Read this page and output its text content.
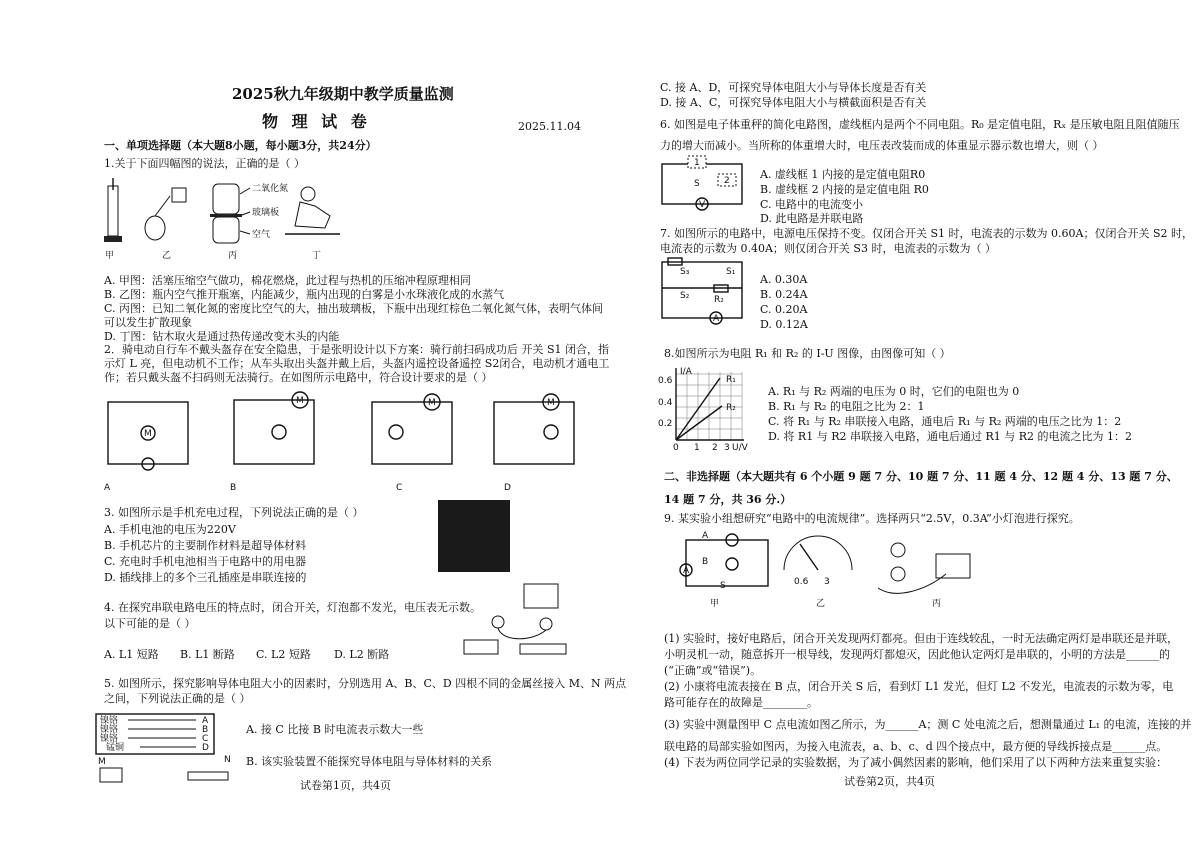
2025秋九年级期中教学质量监测
物 理 试 卷	2025.11.04
一、单项选择题（本大题8小题，每小题3分，共24分）
1.关于下面四幅图的说法，正确的是（ ）
二氧化氮
玻璃板
空气
甲	乙	丙	丁
A. 甲图：活塞压缩空气做功，棉花燃烧，此过程与热机的压缩冲程原理相同
B. 乙图：瓶内空气推开瓶塞，内能减少，瓶内出现的白雾是小水珠液化成的水蒸气
C. 丙图：已知二氧化氮的密度比空气的大，抽出玻璃板，下瓶中出现红棕色二氧化氮气体，表明气体间
可以发生扩散现象
D. 丁图：钻木取火是通过热传递改变木头的内能
2．骑电动自行车不戴头盔存在安全隐患，于是张明设计以下方案：骑行前扫码成功后 开关 S1 闭合，指
示灯 L 亮，但电动机不工作；从车头取出头盔并戴上后，头盔内遥控设备遥控 S2闭合，电动机才通电工
作；若只戴头盔不扫码则无法骑行。在如图所示电路中，符合设计要求的是（ ）
M
M	M	M
A	B	C	D
3. 如图所示是手机充电过程，下列说法正确的是（ ）
A. 手机电池的电压为220V
B. 手机芯片的主要制作材料是超导体材料
C. 充电时手机电池相当于电路中的用电器
D. 插线排上的多个三孔插座是串联连接的
4. 在探究串联电路电压的特点时，闭合开关，灯泡都不发光，电压表无示数。
以下可能的是（ ）
A. L1 短路 B. L1 断路 C. L2 短路 D. L2 断路
5. 如图所示，探究影响导体电阻大小的因素时，分别选用 A、B、C、D 四根不同的金属丝接入 M、N 两点
之间，下列说法正确的是（ ）
镍铬
镍铬
镍铬
锰铜
A
B
C
D
M	N
A. 接 C 比接 B 时电流表示数大一些
B. 该实验装置不能探究导体电阻与导体材料的关系
试卷第1页，共4页
C. 接 A、D，可探究导体电阻大小与导体长度是否有关
D. 接 A、C，可探究导体电阻大小与横截面积是否有关
6. 如图是电子体重秤的简化电路图，虚线框内是两个不同电阻。R₀ 是定值电阻，Rₓ 是压敏电阻且阻值随压
力的增大而减小。当所称的体重增大时，电压表改装而成的体重显示器示数也增大，则（ ）
1
2
S
V
A. 虚线框 1 内接的是定值电阻R0
B. 虚线框 2 内接的是定值电阻 R0
C. 电路中的电流变小
D. 此电路是并联电路
7. 如图所示的电路中，电源电压保持不变。仅闭合开关 S1 时，电流表的示数为 0.60A；仅闭合开关 S2 时，
电流表的示数为 0.40A；则仅闭合开关 S3 时，电流表的示数为（ ）
R₂
S₃	S₁
S₂
A
A. 0.30A
B. 0.24A
C. 0.20A
D. 0.12A
8.如图所示为电阻 R₁ 和 R₂ 的 I-U 图像，由图像可知（ ）
I/A
U/V
0.6
0.4
0.2
0 1 2 3
R₁
R₂
A. R₁ 与 R₂ 两端的电压为 0 时，它们的电阻也为 0
B. R₁ 与 R₂ 的电阻之比为 2：1
C. 将 R₁ 与 R₂ 串联接入电路，通电后 R₁ 与 R₂ 两端的电压之比为 1：2
D. 将 R1 与 R2 串联接入电路，通电后通过 R1 与 R2 的电流之比为 1：2
二、非选择题（本大题共有 6 个小题 9 题 7 分、10 题 7 分、11 题 4 分、12 题 4 分、13 题 7 分、
14 题 7 分，共 36 分.）
9. 某实验小组想研究“电路中的电流规律”。选择两只“2.5V，0.3A”小灯泡进行探究。
A
A
B
S	0.6 3
甲	乙	丙
(1) 实验时，接好电路后，闭合开关发现两灯都亮。但由于连线较乱，一时无法确定两灯是串联还是并联，
小明灵机一动，随意拆开一根导线，发现两灯都熄灭，因此他认定两灯是串联的，小明的方法是______的
(“正确”或“错误”)。
(2) 小康将电流表接在 B 点，闭合开关 S 后，看到灯 L1 发光，但灯 L2 不发光，电流表的示数为零，电
路可能存在的故障是________。
(3) 实验中测量图甲 C 点电流如图乙所示，为______A；测 C 处电流之后，想测量通过 L₁ 的电流，连接的并
联电路的局部实验如图丙，为接入电流表，a、b、c、d 四个接点中，最方便的导线拆接点是______点。
(4) 下表为两位同学记录的实验数据，为了减小偶然因素的影响，他们采用了以下两种方法来重复实验：
试卷第2页，共4页
